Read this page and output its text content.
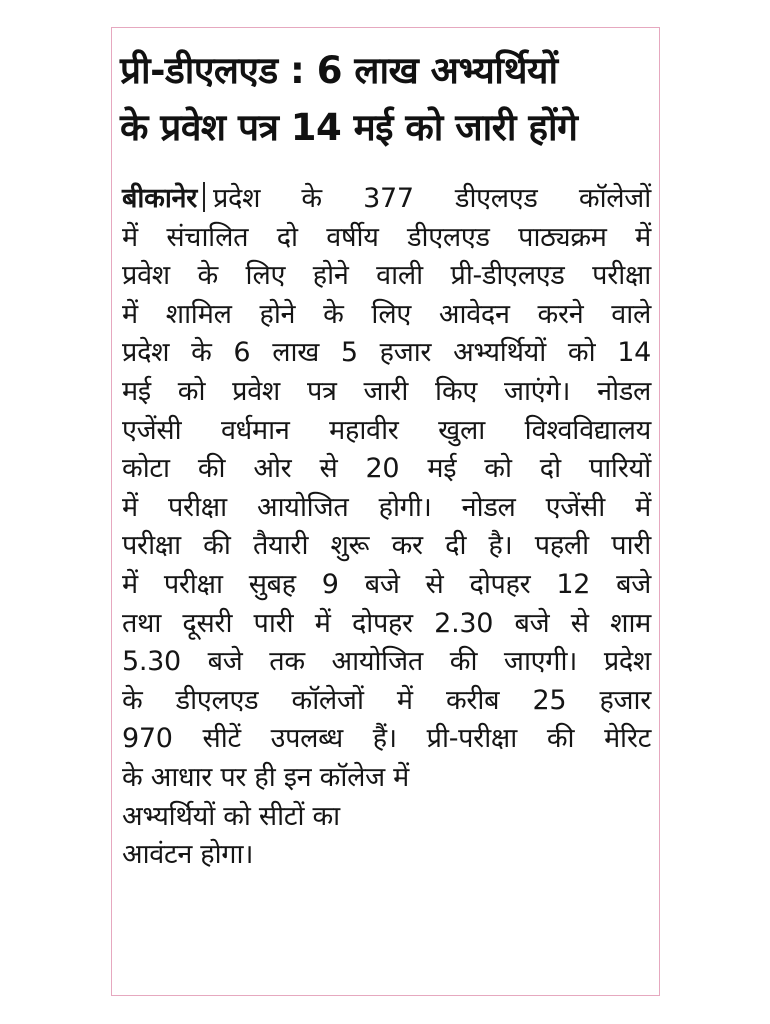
प्री-डीएलएड : 6 लाख अभ्यर्थियों
के प्रवेश पत्र 14 मई को जारी होंगे
बीकानेर प्रदेश के 377 डीएलएड कॉलेजों
में संचालित दो वर्षीय डीएलएड पाठ्यक्रम में
प्रवेश के लिए होने वाली प्री-डीएलएड परीक्षा
में शामिल होने के लिए आवेदन करने वाले
प्रदेश के 6 लाख 5 हजार अभ्यर्थियों को 14
मई को प्रवेश पत्र जारी किए जाएंगे। नोडल
एजेंसी वर्धमान महावीर खुला विश्वविद्यालय
कोटा की ओर से 20 मई को दो पारियों
में परीक्षा आयोजित होगी। नोडल एजेंसी में
परीक्षा की तैयारी शुरू कर दी है। पहली पारी
में परीक्षा सुबह 9 बजे से दोपहर 12 बजे
तथा दूसरी पारी में दोपहर 2.30 बजे से शाम
5.30 बजे तक आयोजित की जाएगी। प्रदेश
के डीएलएड कॉलेजों में करीब 25 हजार
970 सीटें उपलब्ध हैं। प्री-परीक्षा की मेरिट
के आधार पर ही इन कॉलेज में
अभ्यर्थियों को सीटों का
आवंटन होगा।
